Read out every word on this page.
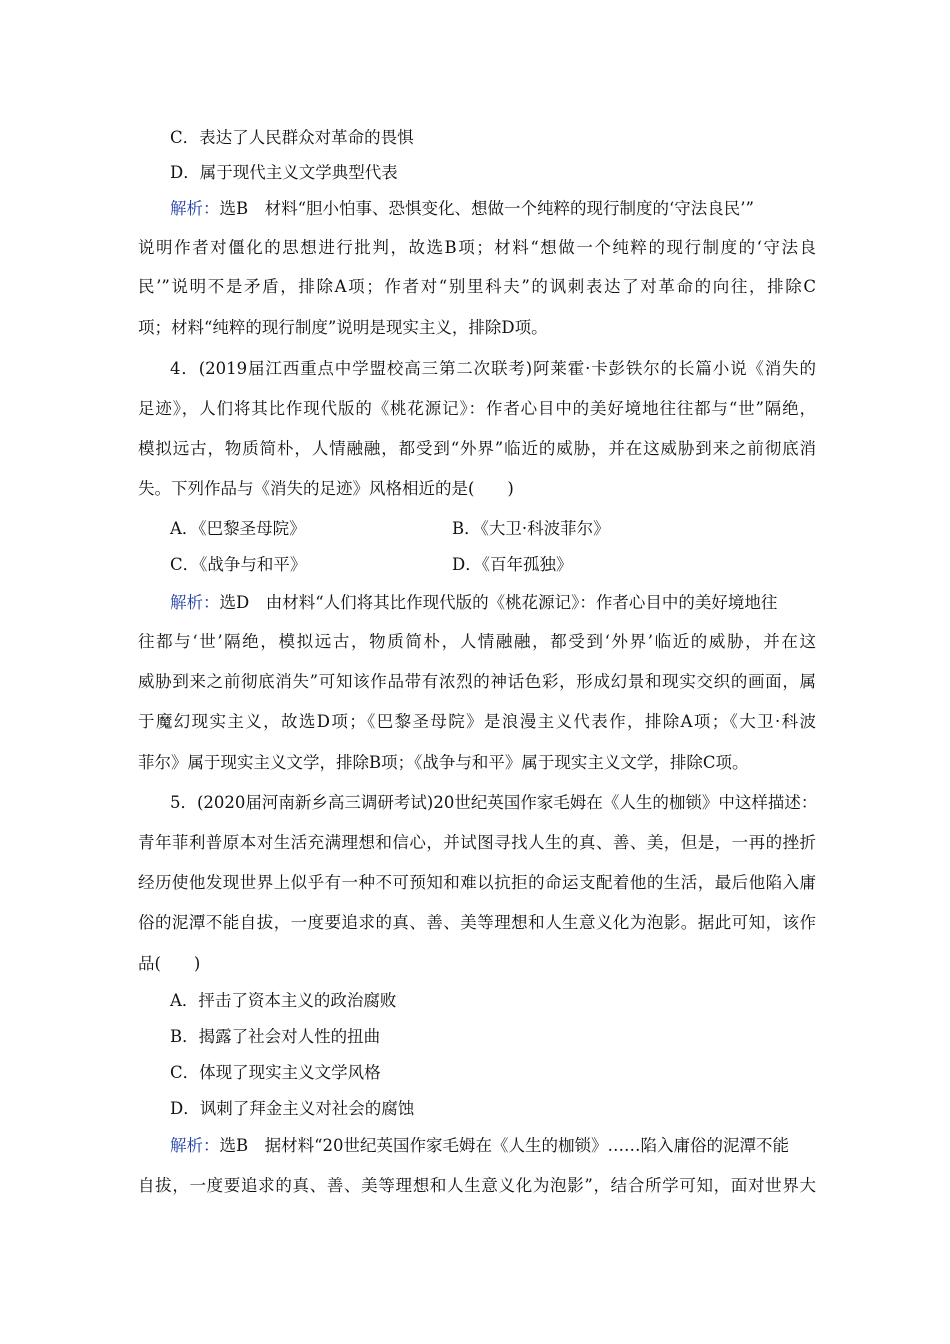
C．表达了人民群众对革命的畏惧
D．属于现代主义文学典型代表
解析：选B　材料“胆小怕事、恐惧变化、想做一个纯粹的现行制度的‘守法良民’”
说明作者对僵化的思想进行批判，故选B项；材料“想做一个纯粹的现行制度的‘守法良
民’”说明不是矛盾，排除A项；作者对“别里科夫”的讽刺表达了对革命的向往，排除C
项；材料“纯粹的现行制度”说明是现实主义，排除D项。
4．(2019届江西重点中学盟校高三第二次联考)阿莱霍·卡彭铁尔的长篇小说《消失的
足迹》，人们将其比作现代版的《桃花源记》：作者心目中的美好境地往往都与“世”隔绝，
模拟远古，物质简朴，人情融融，都受到“外界”临近的威胁，并在这威胁到来之前彻底消
失。下列作品与《消失的足迹》风格相近的是(　　)
A．《巴黎圣母院》	B．《大卫·科波菲尔》
C．《战争与和平》	D．《百年孤独》
解析：选D　由材料“人们将其比作现代版的《桃花源记》：作者心目中的美好境地往
往都与‘世’隔绝，模拟远古，物质简朴，人情融融，都受到‘外界’临近的威胁，并在这
威胁到来之前彻底消失”可知该作品带有浓烈的神话色彩，形成幻景和现实交织的画面，属
于魔幻现实主义，故选D项；《巴黎圣母院》是浪漫主义代表作，排除A项；《大卫·科波
菲尔》属于现实主义文学，排除B项；《战争与和平》属于现实主义文学，排除C项。
5．(2020届河南新乡高三调研考试)20世纪英国作家毛姆在《人生的枷锁》中这样描述：
青年菲利普原本对生活充满理想和信心，并试图寻找人生的真、善、美，但是，一再的挫折
经历使他发现世界上似乎有一种不可预知和难以抗拒的命运支配着他的生活，最后他陷入庸
俗的泥潭不能自拔，一度要追求的真、善、美等理想和人生意义化为泡影。据此可知，该作
品(　　)
A．抨击了资本主义的政治腐败
B．揭露了社会对人性的扭曲
C．体现了现实主义文学风格
D．讽刺了拜金主义对社会的腐蚀
解析：选B　据材料“20世纪英国作家毛姆在《人生的枷锁》……陷入庸俗的泥潭不能
自拔，一度要追求的真、善、美等理想和人生意义化为泡影”，结合所学可知，面对世界大
